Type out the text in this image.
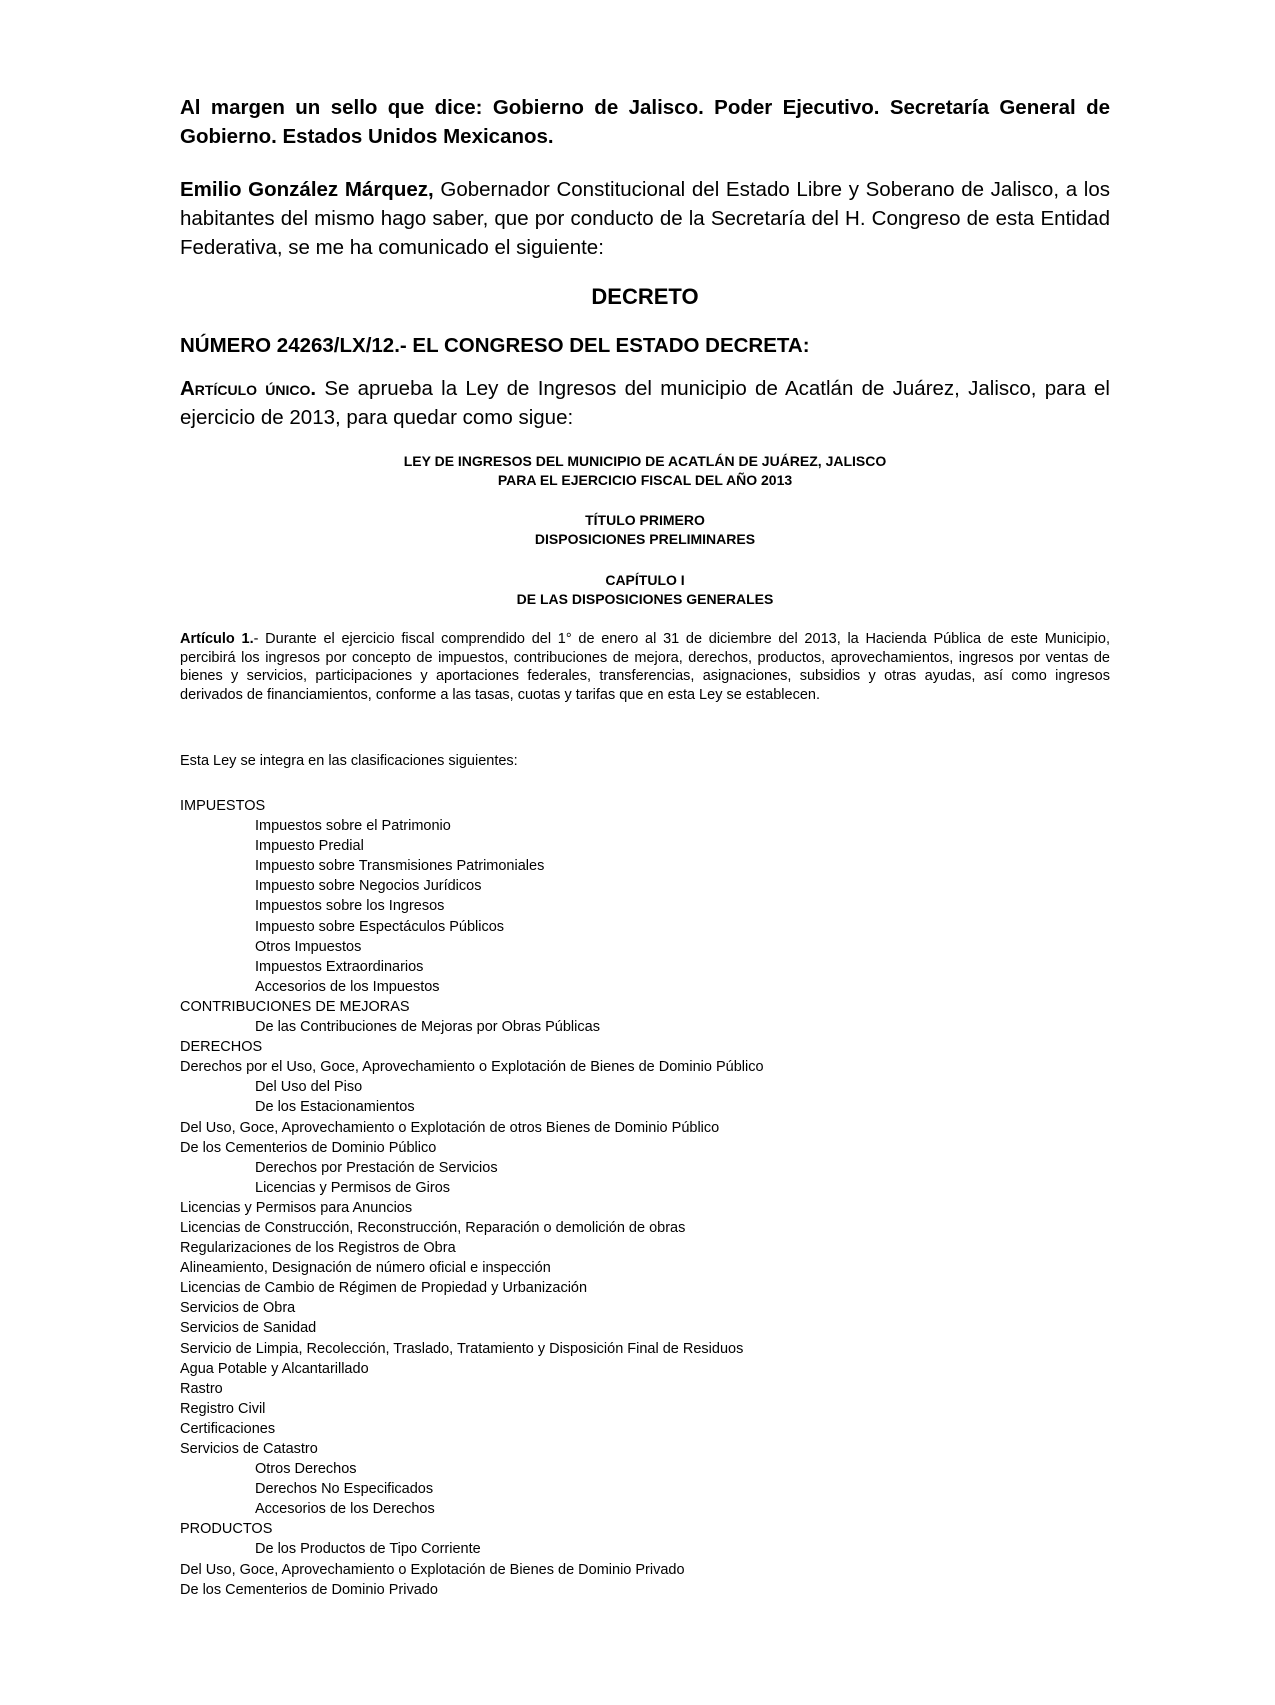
Al margen un sello que dice: Gobierno de Jalisco. Poder Ejecutivo. Secretaría General de Gobierno. Estados Unidos Mexicanos.

Emilio González Márquez, Gobernador Constitucional del Estado Libre y Soberano de Jalisco, a los habitantes del mismo hago saber, que por conducto de la Secretaría del H. Congreso de esta Entidad Federativa, se me ha comunicado el siguiente:

DECRETO

NÚMERO 24263/LX/12.- EL CONGRESO DEL ESTADO DECRETA:

Artículo único. Se aprueba la Ley de Ingresos del municipio de Acatlán de Juárez, Jalisco, para el ejercicio de 2013, para quedar como sigue:

LEY DE INGRESOS DEL MUNICIPIO DE ACATLÁN DE JUÁREZ, JALISCO
PARA EL EJERCICIO FISCAL DEL AÑO 2013
TÍTULO PRIMERO
DISPOSICIONES PRELIMINARES
CAPÍTULO I
DE LAS DISPOSICIONES GENERALES

Artículo 1.- Durante el ejercicio fiscal comprendido del 1° de enero al 31 de diciembre del 2013, la Hacienda Pública de este Municipio, percibirá los ingresos por concepto de impuestos, contribuciones de mejora, derechos, productos, aprovechamientos, ingresos por ventas de bienes y servicios, participaciones y aportaciones federales, transferencias, asignaciones, subsidios y otras ayudas, así como ingresos derivados de financiamientos, conforme a las tasas, cuotas y tarifas que en esta Ley se establecen.

Esta Ley se integra en las clasificaciones siguientes:

IMPUESTOS
Impuestos sobre el Patrimonio
Impuesto Predial
Impuesto sobre Transmisiones Patrimoniales
Impuesto sobre Negocios Jurídicos
Impuestos sobre los Ingresos
Impuesto sobre Espectáculos Públicos
Otros Impuestos
Impuestos Extraordinarios
Accesorios de los Impuestos
CONTRIBUCIONES DE MEJORAS
De las Contribuciones de Mejoras por Obras Públicas
DERECHOS
Derechos por el Uso, Goce, Aprovechamiento o Explotación de Bienes de Dominio Público
Del Uso del Piso
De los Estacionamientos
Del Uso, Goce, Aprovechamiento o Explotación de otros Bienes de Dominio Público
De los Cementerios de Dominio Público
Derechos por Prestación de Servicios
Licencias y Permisos de Giros
Licencias y Permisos para Anuncios
Licencias de Construcción, Reconstrucción, Reparación o demolición de obras
Regularizaciones de los Registros de Obra
Alineamiento, Designación de número oficial e inspección
Licencias de Cambio de Régimen de Propiedad y Urbanización
Servicios de Obra
Servicios de Sanidad
Servicio de Limpia, Recolección, Traslado, Tratamiento y Disposición Final de Residuos
Agua Potable y Alcantarillado
Rastro
Registro Civil
Certificaciones
Servicios de Catastro
Otros Derechos
Derechos No Especificados
Accesorios de los Derechos
PRODUCTOS
De los Productos de Tipo Corriente
Del Uso, Goce, Aprovechamiento o Explotación de Bienes de Dominio Privado
De los Cementerios de Dominio Privado
